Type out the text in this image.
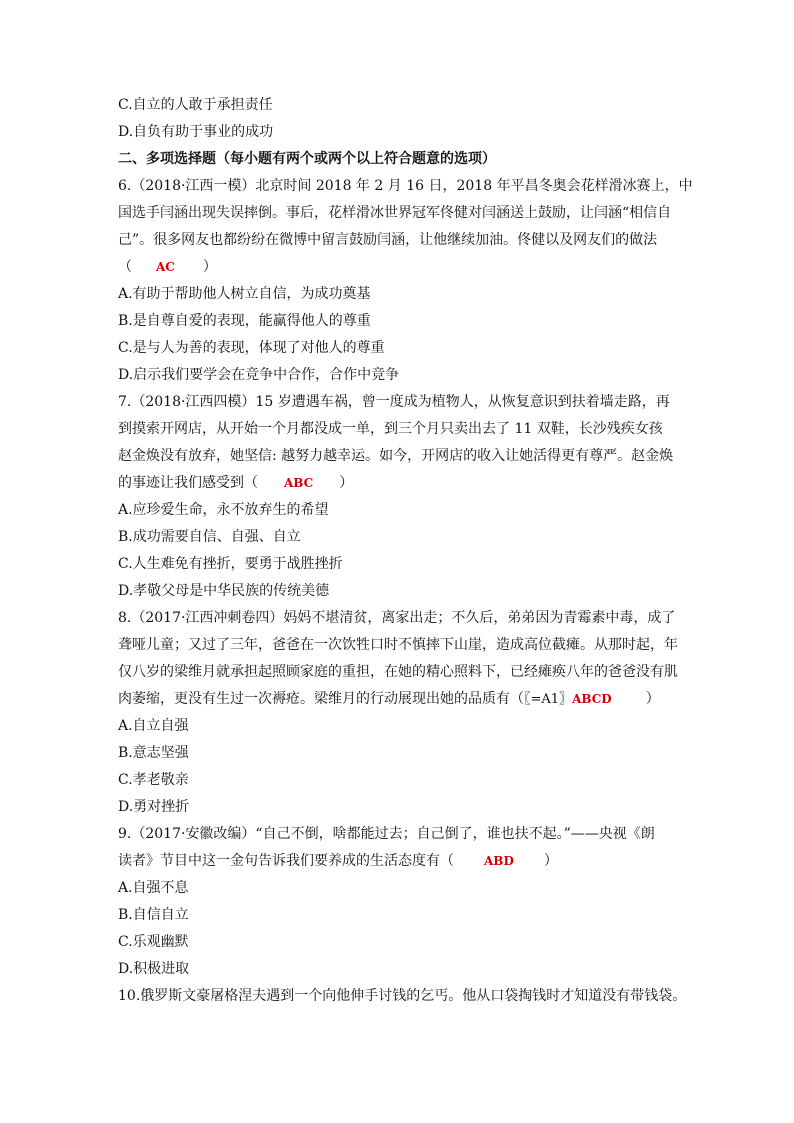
C.自立的人敢于承担责任
D.自负有助于事业的成功
二、多项选择题（每小题有两个或两个以上符合题意的选项）
6.（2018·江西一模）北京时间 2018 年 2 月 16 日，2018 年平昌冬奥会花样滑冰赛上，中
国选手闫涵出现失误摔倒。事后，花样滑冰世界冠军佟健对闫涵送上鼓励，让闫涵“相信自
己”。很多网友也都纷纷在微博中留言鼓励闫涵，让他继续加油。佟健以及网友们的做法
（ AC ）
A.有助于帮助他人树立自信，为成功奠基
B.是自尊自爱的表现，能赢得他人的尊重
C.是与人为善的表现，体现了对他人的尊重
D.启示我们要学会在竞争中合作，合作中竞争
7.（2018·江西四模）15 岁遭遇车祸，曾一度成为植物人，从恢复意识到扶着墙走路，再
到摸索开网店，从开始一个月都没成一单，到三个月只卖出去了 11 双鞋，长沙残疾女孩
赵金焕没有放弃，她坚信: 越努力越幸运。如今，开网店的收入让她活得更有尊严。赵金焕
的事迹让我们感受到（ ABC ）
A.应珍爱生命，永不放弃生的希望
B.成功需要自信、自强、自立
C.人生难免有挫折，要勇于战胜挫折
D.孝敬父母是中华民族的传统美德
8.（2017·江西冲刺卷四）妈妈不堪清贫，离家出走；不久后，弟弟因为青霉素中毒，成了
聋哑儿童；又过了三年，爸爸在一次饮牲口时不慎摔下山崖，造成高位截瘫。从那时起，年
仅八岁的梁维月就承担起照顾家庭的重担，在她的精心照料下，已经瘫痪八年的爸爸没有肌
肉萎缩，更没有生过一次褥疮。梁维月的行动展现出她的品质有（〖=A1〗ABCD ）
A.自立自强
B.意志坚强
C.孝老敬亲
D.勇对挫折
9.（2017·安徽改编）“自己不倒，啥都能过去；自己倒了，谁也扶不起。”——央视《朗
读者》节目中这一金句告诉我们要养成的生活态度有（	ABD ）
A.自强不息
B.自信自立
C.乐观幽默
D.积极进取
10.俄罗斯文豪屠格涅夫遇到一个向他伸手讨钱的乞丐。他从口袋掏钱时才知道没有带钱袋。
